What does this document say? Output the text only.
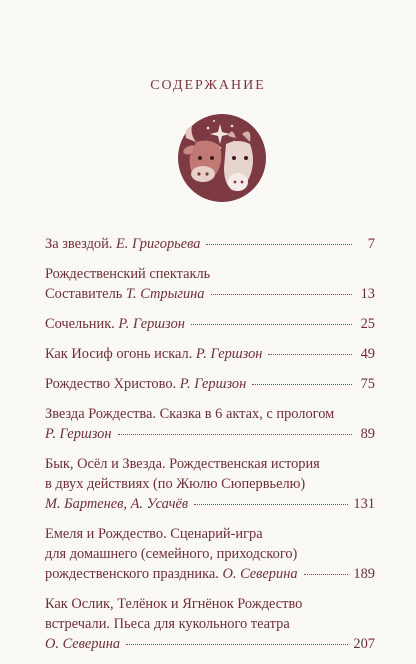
СОДЕРЖАНИЕ
За звездой.
Е. Григорьева	7
Рождественский спектакль
Составитель
Т. Стрыгина	13
Сочельник.
Р. Гершзон	25
Как Иосиф огонь искал.
Р. Гершзон	49
Рождество Христово.
Р. Гершзон	75
Звезда Рождества. Сказка в 6 актах, с прологом
Р. Гершзон	89
Бык, Осёл и Звезда. Рождественская история
в двух действиях (по Жюлю Сюпервьелю)
М. Бартенев, А. Усачёв	131
Емеля и Рождество. Сценарий-игра
для домашнего (семейного, приходского)
рождественского праздника.
О. Северина	189
Как Ослик, Телёнок и Ягнёнок Рождество
встречали. Пьеса для кукольного театра
О. Северина	207
